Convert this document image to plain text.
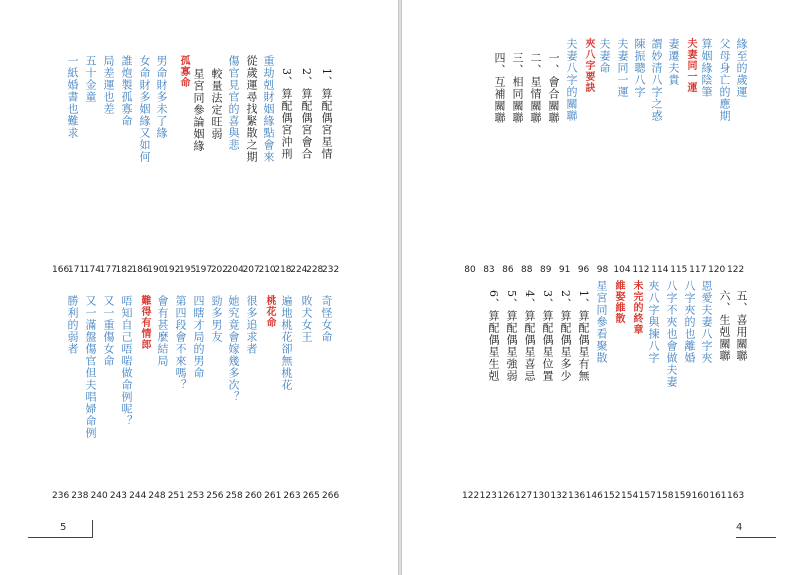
1、算配偶宮星情
2、算配偶宮會合
3、算配偶宮沖刑
重劫剋財姻緣點會來
從歲運尋找緊散之期
傷官見官的喜與悲
較量法定旺弱
星宮同參論姻緣
孤寡命
男命財多未了緣
女命財多姻緣又如何
誰炮製孤寡命
局差運也差
五十金童
一紙婚書也難求
奇怪女命
敗犬女王
遍地桃花卻無桃花
桃花命
很多追求者
她究竟會嫁幾多次？
勁多男友
四瞎才局的男命
第四段會不來嗎？
會有甚麼結局
難得有情郎
唔知自己唔啱做命例呢？
又一重傷女命
又一滿盤傷官但夫唱婦命例
勝利的弱者
166
171
174
177
182
186
190
192
195
197
202
204
207
210
218
224
228
232
236 238 240 243 244 248 251 253 256 258 260 261 263 265 266
5
緣至的歲運
父母身亡的應期
算姻緣陰筆
夫妻同一運
妻遷夫貴
謂妙清八字之惑
陳振聰八字
夫妻同一運
夫妻命
夾八字要訣
夫妻八字的關聯
一、會合關聯
二、星情關聯
三、相同關聯
四、互補關聯
五、喜用關聯
六、生剋關聯
恩愛夫妻八字夾
八字夾的也離婚
八字不夾也會做夫妻
夾八字與揀八字
未完的終章
維娶維散
星宮同參看聚散
1、算配偶星有無
2、算配偶星多少
3、算配偶星位置
4、算配偶星喜忌
5、算配偶星強弱
6、算配偶星生剋
80 83 86 88 89 91 96 98 104 112 114 115 117 120 122
122 123 126 127 130 132 136 146 152 154 157 158 159 160 161 163
4
